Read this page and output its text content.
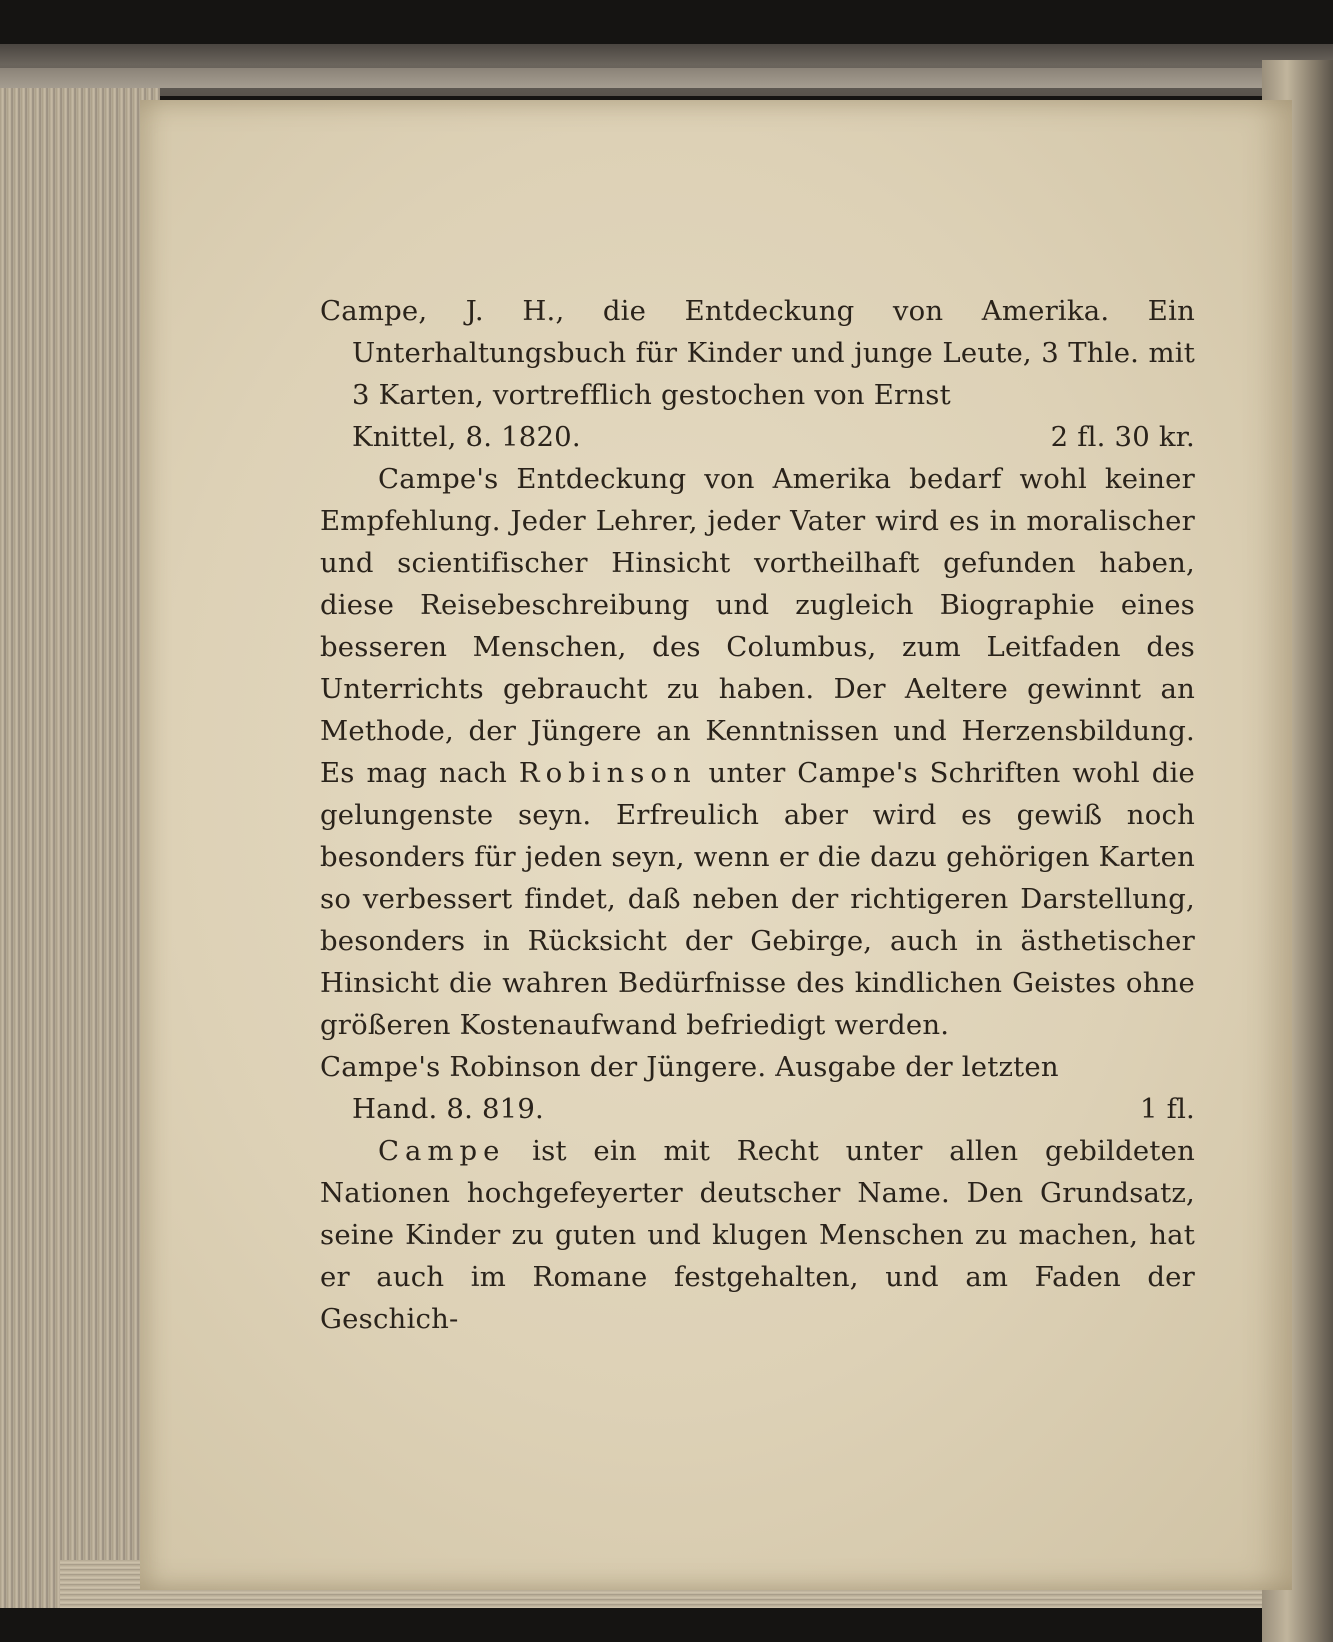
Campe, J. H., die Entdeckung von Amerika. Ein Unterhaltungsbuch für Kinder und junge Leute, 3 Thle. mit 3 Karten, vortrefflich gestochen von Ernst

Knittel, 8. 1820.	2 fl. 30 kr.

Campe's Entdeckung von Amerika bedarf wohl keiner Empfehlung. Jeder Lehrer, jeder Vater wird es in moralischer und scientifischer Hinsicht vortheilhaft gefunden haben, diese Reisebeschreibung und zugleich Biographie eines besseren Menschen, des Columbus, zum Leitfaden des Unterrichts gebraucht zu haben. Der Aeltere gewinnt an Methode, der Jüngere an Kenntnissen und Herzensbildung. Es mag nach Robinson unter Campe's Schriften wohl die gelungenste seyn. Erfreulich aber wird es gewiß noch besonders für jeden seyn, wenn er die dazu gehörigen Karten so verbessert findet, daß neben der richtigeren Darstellung, besonders in Rücksicht der Gebirge, auch in ästhetischer Hinsicht die wahren Bedürfnisse des kindlichen Geistes ohne größeren Kostenaufwand befriedigt werden.

Campe's Robinson der Jüngere. Ausgabe der letzten

Hand. 8. 819.	1 fl.

Campe ist ein mit Recht unter allen gebildeten Nationen hochgefeyerter deutscher Name. Den Grundsatz, seine Kinder zu guten und klugen Menschen zu machen, hat er auch im Romane festgehalten, und am Faden der Geschich-
